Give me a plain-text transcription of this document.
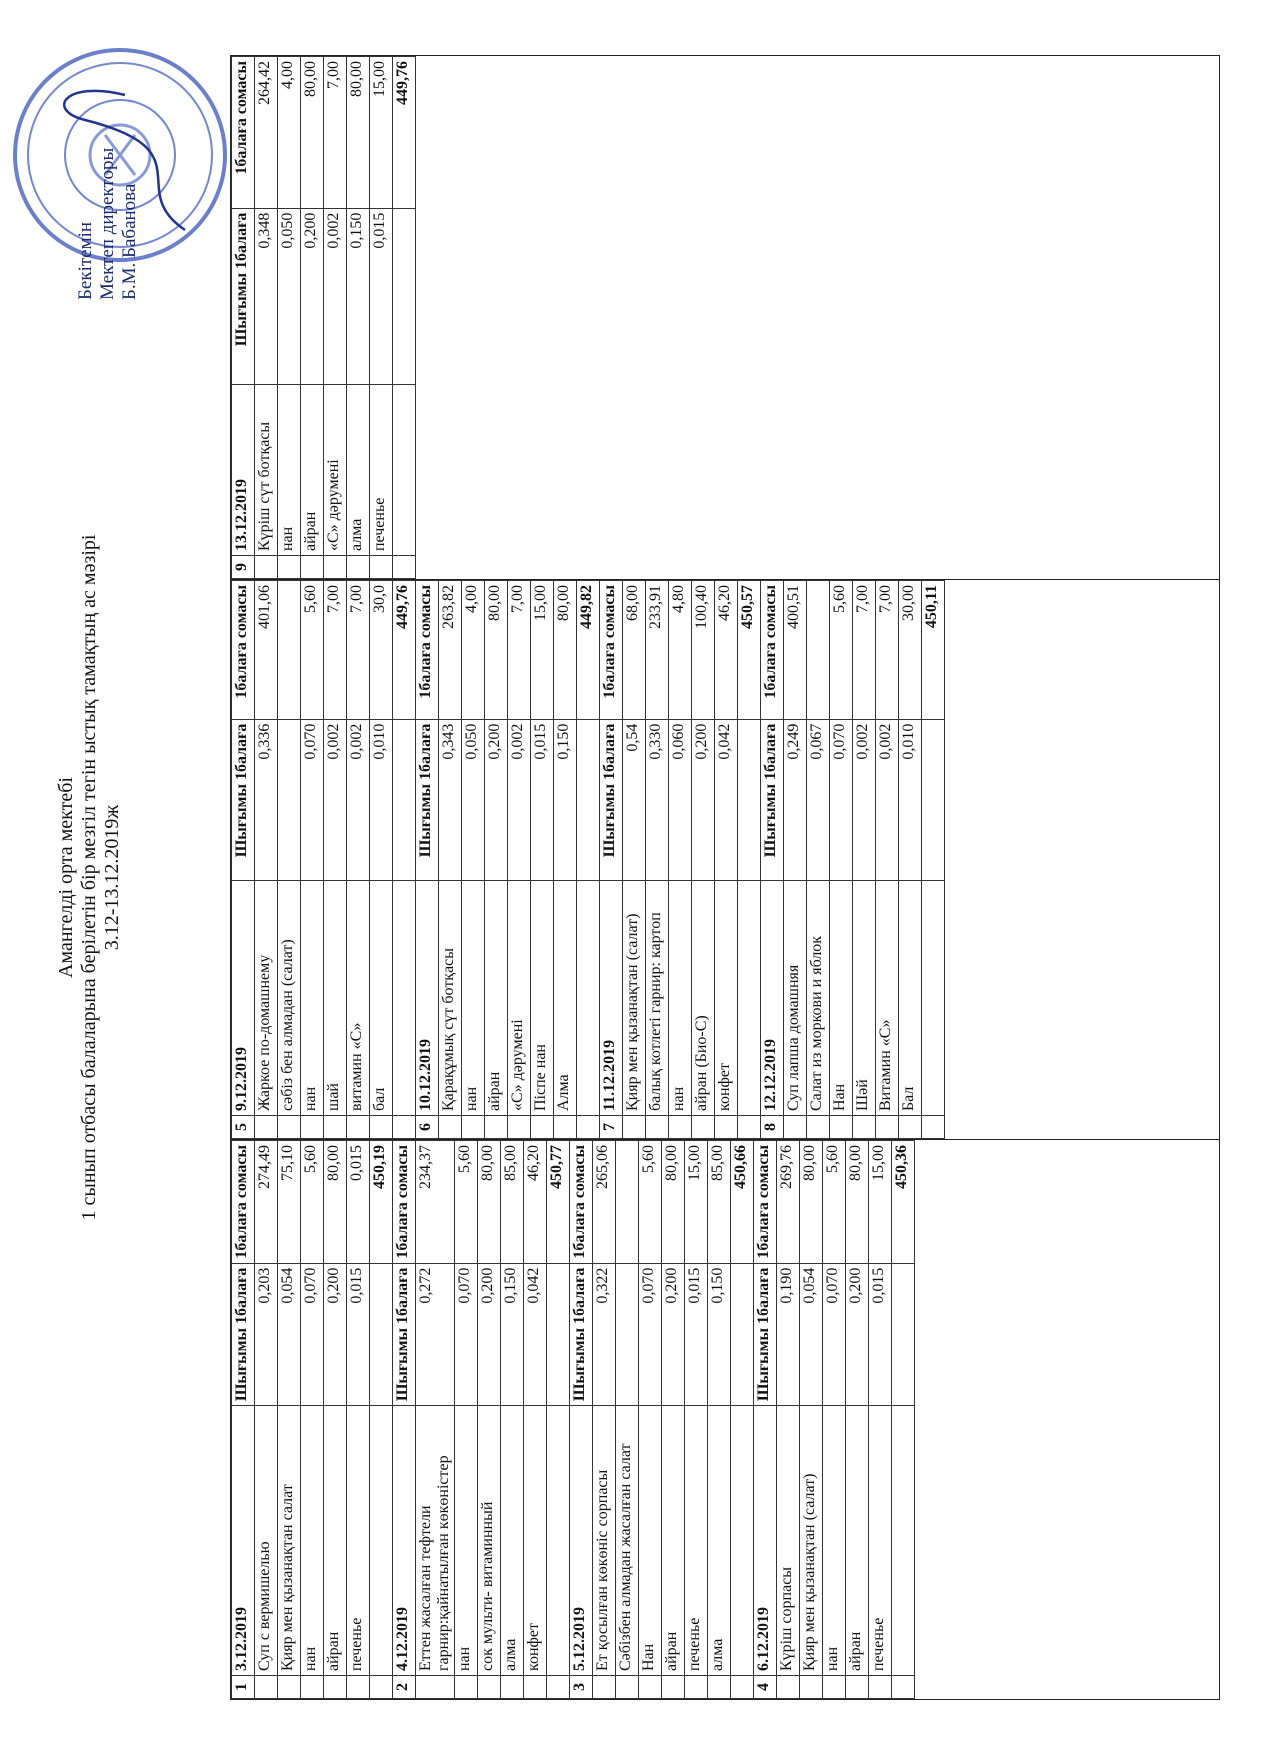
Амангелді орта мектебі 1 сынып отбасы балаларына берілетін бір мезгіл тегін ыстық тамақтың ас мәзірі 3.12-13.12.2019ж
Бекітемін Мектеп директоры Б.М. Бабанова
1	3.12.2019	Шығымы 1балаға	1балаға сомасы
	Суп с вермишелью	0,203	274,49
	Қияр мен қызанақтан салат	0,054	75,10
	нан	0,070	5,60
	айран	0,200	80,00
	печенье	0,015	0,015
			450,19
2	4.12.2019	Шығымы 1балаға	1балаға сомасы
	Еттен жасалған тефтели гарнир:қайнатылған көкөністер	0,272	234,37
	нан	0,070	5,60
	сок мульти- витаминный	0,200	80,00
	алма	0,150	85,00
	конфет	0,042	46,20
			450,77
3	5.12.2019	Шығымы 1балаға	1балаға сомасы
	Ет қосылған көкөніс сорпасы	0,322	265,06
	Сәбізбен алмадан жасалған салат		
	Нан	0,070	5,60
	айран	0,200	80,00
	печенье	0,015	15,00
	алма	0,150	85,00
			450,66
4	6.12.2019	Шығымы 1балаға	1балаға сомасы
	Күріш сорпасы	0,190	269,76
	Қияр мен қызанақтан (салат)	0,054	80,00
	нан	0,070	5,60
	айран	0,200	80,00
	печенье	0,015	15,00
			450,36
5	9.12.2019	Шығымы 1балаға	1балаға сомасы
	Жаркое по-домашнему	0,336	401,06
	сәбіз бен алмадан (салат)		
	нан	0,070	5,60
	шай	0,002	7,00
	витамин «С»	0,002	7,00
	бал	0,010	30,0
			449,76
6	10.12.2019	Шығымы 1балаға	1балаға сомасы
	Қарақұмық сүт ботқасы	0,343	263,82
	нан	0,050	4,00
	айран	0,200	80,00
	«С» дәрумені	0,002	7,00
	Піспе нан	0,015	15,00
	Алма	0,150	80,00
			449,82
7	11.12.2019	Шығымы 1балаға	1балаға сомасы
	Қияр мен қызанақтан (салат)	0,54	68,00
	балық котлеті гарнир: картоп	0,330	233,91
	нан	0,060	4,80
	айран (Био-С)	0,200	100,40
	конфет	0,042	46,20
			450,57
8	12.12.2019	Шығымы 1балаға	1балаға сомасы
	Суп лапша домашняя	0,249	400,51
	Салат из моркови и яблок	0,067	
	Нан	0,070	5,60
	Шәй	0,002	7,00
	Витамин «С»	0,002	7,00
	Бал	0,010	30,00
			450,11
9	13.12.2019	Шығымы 1балаға	1балаға сомасы
	Күріш сүт ботқасы	0,348	264,42
	нан	0,050	4,00
	айран	0,200	80,00
	«С» дәрумені	0,002	7,00
	алма	0,150	80,00
	печенье	0,015	15,00
			449,76
